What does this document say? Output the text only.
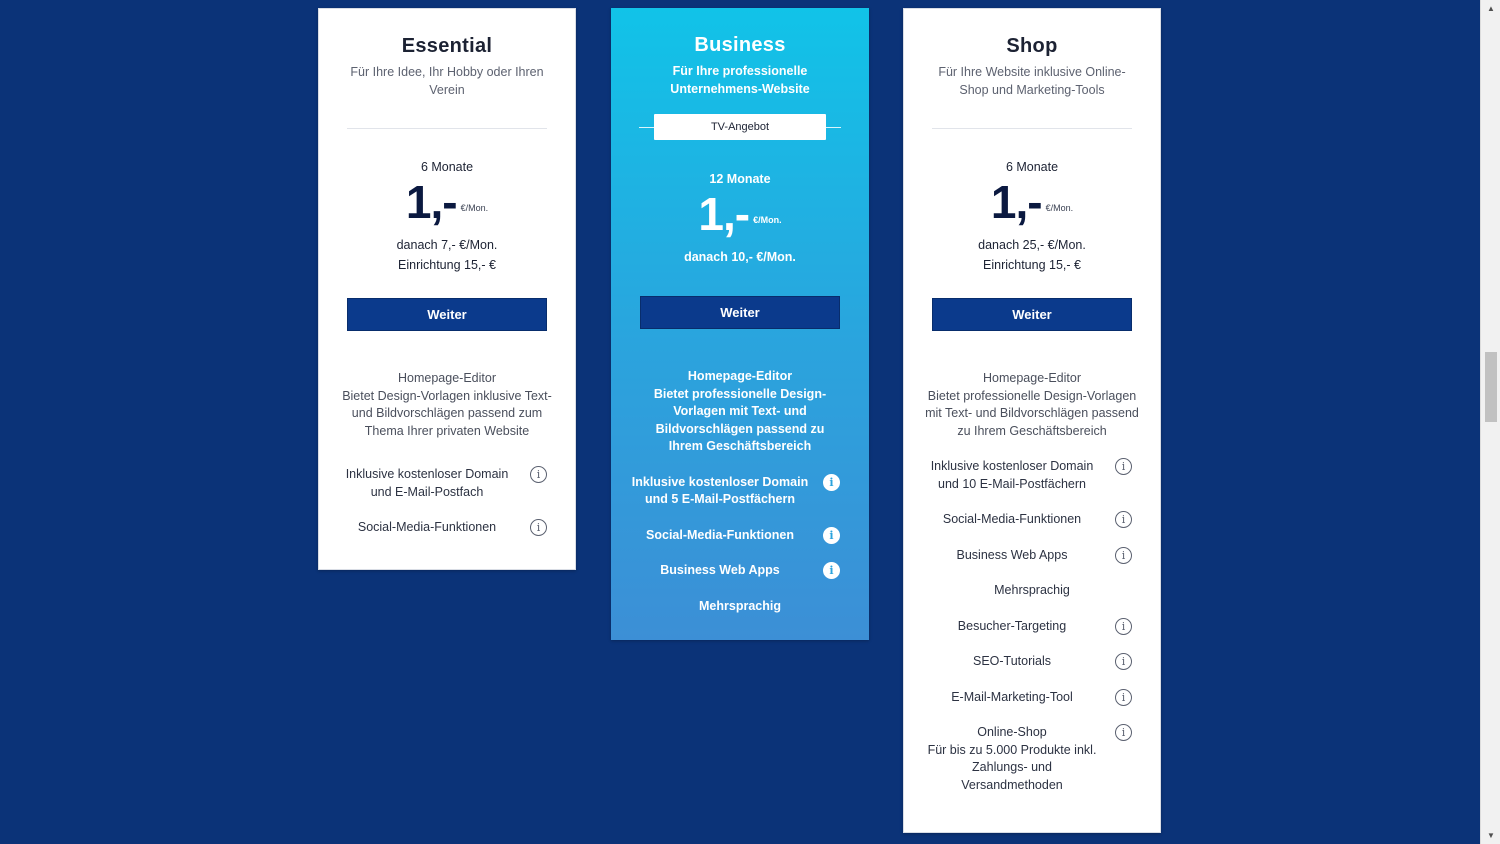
Essential
Für Ihre Idee, Ihr Hobby oder Ihren Verein
6 Monate
1,- €/Mon.
danach 7,- €/Mon.
Einrichtung 15,- €
Weiter
Homepage-Editor
Bietet Design-Vorlagen inklusive Text- und Bildvorschlägen passend zum Thema Ihrer privaten Website
Inklusive kostenloser Domain und E-Mail-Postfach
i
Social-Media-Funktionen	i
Business
Für Ihre professionelle Unternehmens-Website
TV-Angebot
12 Monate
1,- €/Mon.
danach 10,- €/Mon.
Weiter
Homepage-Editor
Bietet professionelle Design-Vorlagen mit Text- und Bildvorschlägen passend zu Ihrem Geschäftsbereich
Inklusive kostenloser Domain und 5 E-Mail-Postfächern
i
Social-Media-Funktionen	i
Business Web Apps	i
Mehrsprachig
Shop
Für Ihre Website inklusive Online-Shop und Marketing-Tools
6 Monate
1,- €/Mon.
danach 25,- €/Mon.
Einrichtung 15,- €
Weiter
Homepage-Editor
Bietet professionelle Design-Vorlagen mit Text- und Bildvorschlägen passend zu Ihrem Geschäftsbereich
Inklusive kostenloser Domain und 10 E-Mail-Postfächern
i
Social-Media-Funktionen	i
Business Web Apps	i
Mehrsprachig
Besucher-Targeting	i
SEO-Tutorials	i
E-Mail-Marketing-Tool	i
Online-Shop
Für bis zu 5.000 Produkte inkl. Zahlungs- und Versandmethoden
i
▲
▼
